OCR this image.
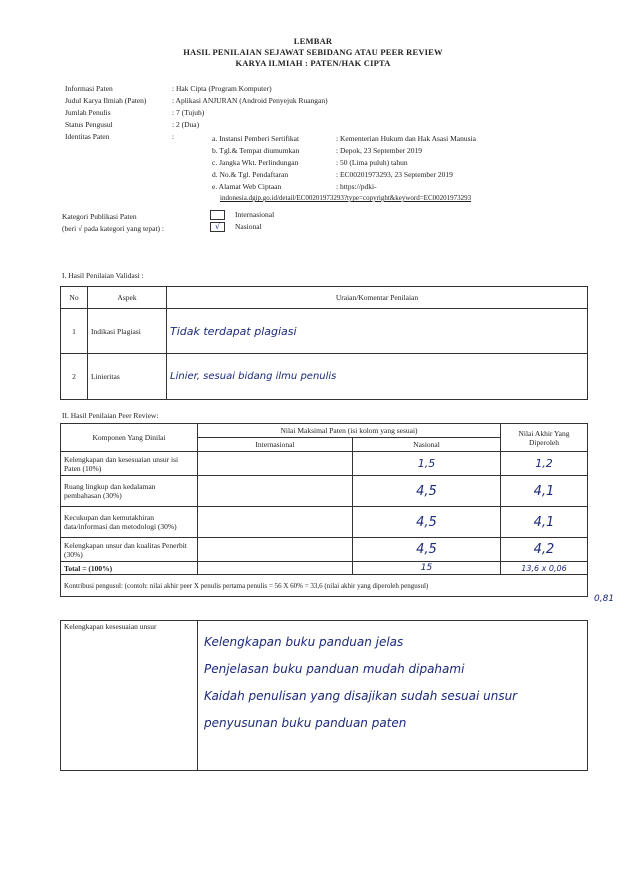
LEMBAR
HASIL PENILAIAN SEJAWAT SEBIDANG ATAU PEER REVIEW
KARYA ILMIAH : PATEN/HAK CIPTA
Informasi Paten	: Hak Cipta (Program Komputer)
Judul Karya Ilmiah (Paten)	: Aplikasi ANJURAN (Android Penyejuk Ruangan)
Jumlah Penulis	: 7 (Tujuh)
Status Pengusul	: 2 (Dua)
Identitas Paten	:	a. Instansi Pemberi Sertifikat	: Kementerian Hukum dan Hak Asasi Manusia
b. Tgl.& Tempat diumumkan	: Depok, 23 September 2019
c. Jangka Wkt. Perlindungan	: 50 (Lima puluh) tahun
d. No.& Tgl. Pendaftaran	: EC00201973293, 23 September 2019
e. Alamat Web Ciptaan	: https://pdki-
indonesia.dgip.go.id/detail/EC00201973293?type=copyright&keyword=EC00201973293
Kategori Publikasi Paten
(beri √ pada kategori yang tepat) :
Internasional
√ Nasional
I. Hasil Penilaian Validasi :
No	Aspek	Uraian/Komentar Penilaian
1	Indikasi Plagiasi	Tidak terdapat plagiasi
2	Linieritas	Linier, sesuai bidang ilmu penulis
II. Hasil Penilaian Peer Review:
Komponen Yang Dinilai	Nilai Maksimal Paten (isi kolom yang sesuai)		Nilai Akhir Yang Diperoleh
	Internasional	Nasional	
Kelengkapan dan kesesuaian unsur isi Paten (10%)		1,5	1,2
Ruang lingkup dan kedalaman pembahasan (30%)		4,5	4,1
Kecukupan dan kemutakhiran data/informasi dan metodologi (30%)		4,5	4,1
Kelengkapan unsur dan kualitas Penerbit (30%)		4,5	4,2
Total = (100%)		15	13,6 x 0,06
Kontribusi pengusul: (contoh: nilai akhir peer X penulis pertama penulis = 56 X 60% = 33,6 (nilai akhir yang diperoleh pengusul)			
0,81
Kelengkapan kesesuaian unsur	
Kelengkapan buku panduan jelas
Penjelasan buku panduan mudah dipahami
Kaidah penulisan yang disajikan sudah sesuai unsur
penyusunan buku panduan paten
